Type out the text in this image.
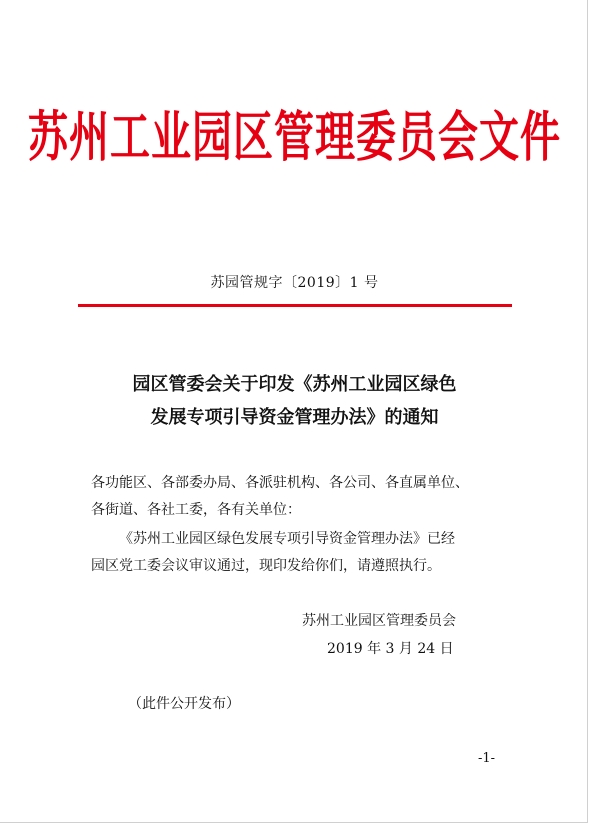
苏州工业园区管理委员会文件
苏园管规字〔2019〕1 号
园区管委会关于印发《苏州工业园区绿色
发展专项引导资金管理办法》的通知
各功能区、各部委办局、各派驻机构、各公司、各直属单位、
各街道、各社工委，各有关单位：
《苏州工业园区绿色发展专项引导资金管理办法》已经
园区党工委会议审议通过，现印发给你们，请遵照执行。
苏州工业园区管理委员会
2019 年 3 月 24 日
（此件公开发布）
-1-
